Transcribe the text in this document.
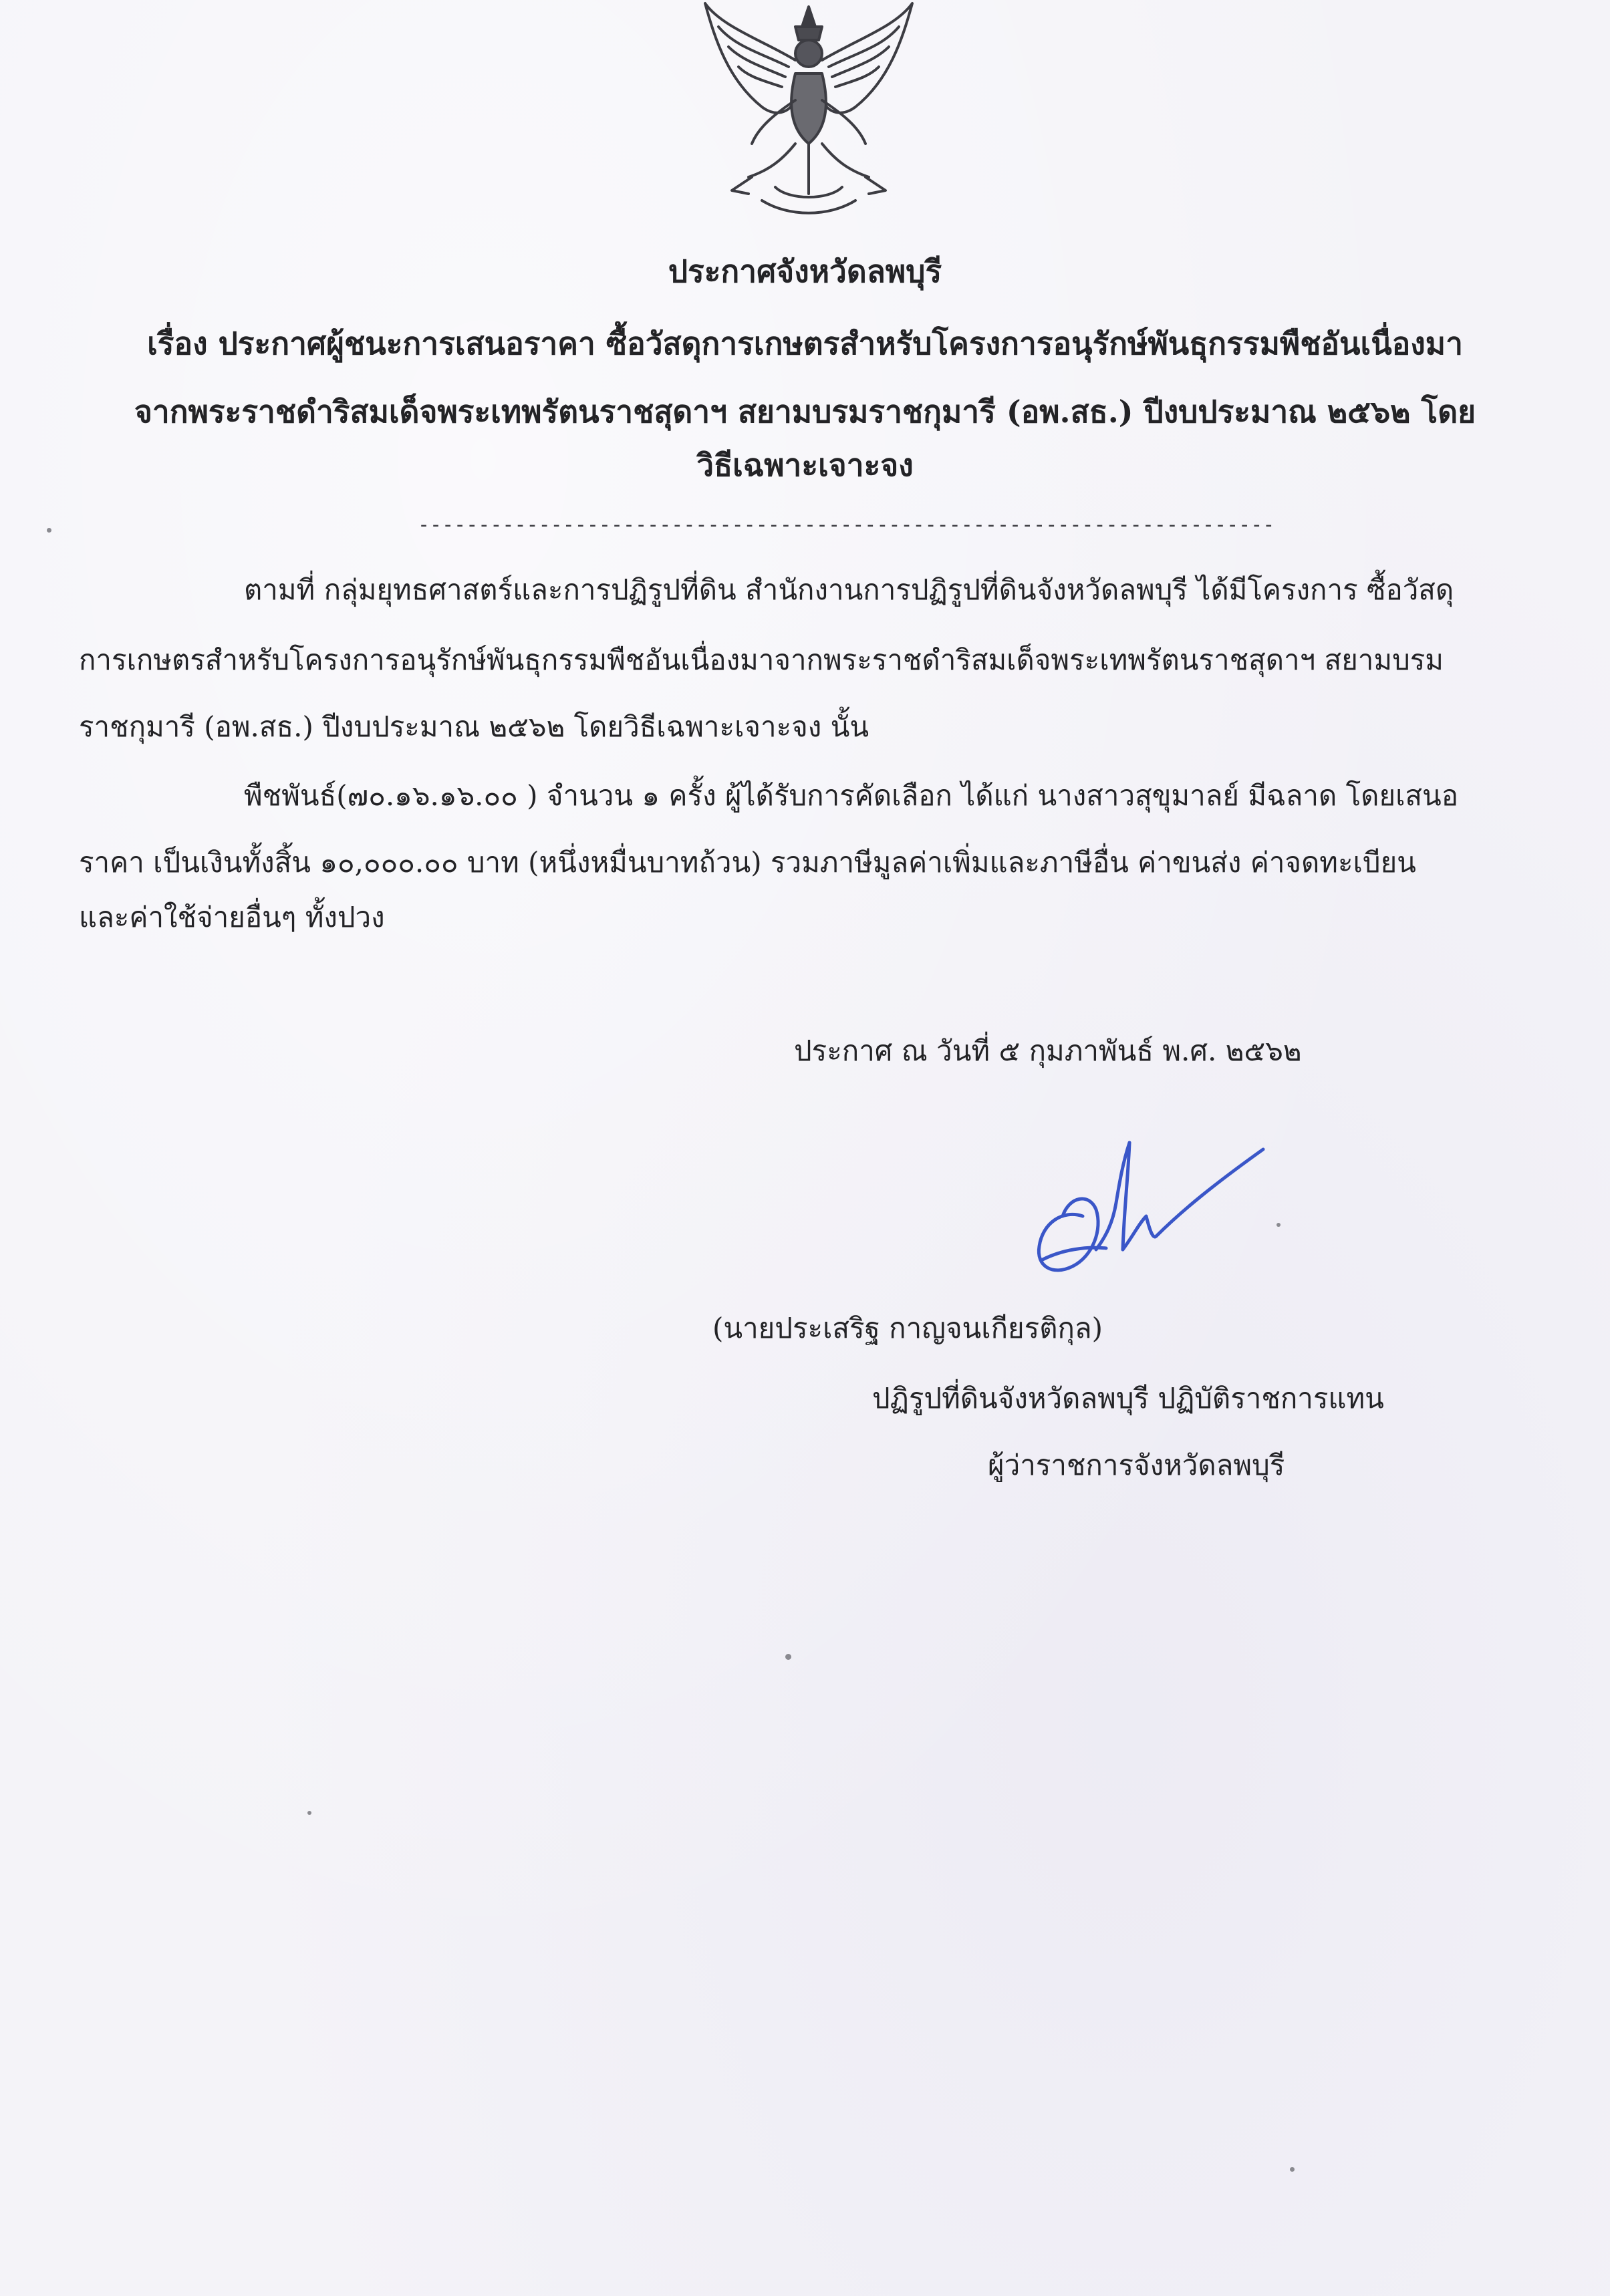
ประกาศจังหวัดลพบุรี
เรื่อง ประกาศผู้ชนะการเสนอราคา ซื้อวัสดุการเกษตรสำหรับโครงการอนุรักษ์พันธุกรรมพืชอันเนื่องมา
จากพระราชดำริสมเด็จพระเทพรัตนราชสุดาฯ สยามบรมราชกุมารี (อพ.สธ.) ปีงบประมาณ ๒๕๖๒ โดย
วิธีเฉพาะเจาะจง
-----------------------------------------------------------------------
ตามที่ กลุ่มยุทธศาสตร์และการปฏิรูปที่ดิน สำนักงานการปฏิรูปที่ดินจังหวัดลพบุรี ได้มีโครงการ ซื้อวัสดุ
การเกษตรสำหรับโครงการอนุรักษ์พันธุกรรมพืชอันเนื่องมาจากพระราชดำริสมเด็จพระเทพรัตนราชสุดาฯ สยามบรม
ราชกุมารี (อพ.สธ.) ปีงบประมาณ ๒๕๖๒ โดยวิธีเฉพาะเจาะจง นั้น
พืชพันธ์(๗๐.๑๖.๑๖.๐๐ ) จำนวน ๑ ครั้ง ผู้ได้รับการคัดเลือก ได้แก่ นางสาวสุขุมาลย์ มีฉลาด โดยเสนอ
ราคา เป็นเงินทั้งสิ้น ๑๐,๐๐๐.๐๐ บาท (หนึ่งหมื่นบาทถ้วน) รวมภาษีมูลค่าเพิ่มและภาษีอื่น ค่าขนส่ง ค่าจดทะเบียน
และค่าใช้จ่ายอื่นๆ ทั้งปวง
ประกาศ ณ วันที่ ๕ กุมภาพันธ์ พ.ศ. ๒๕๖๒
(นายประเสริฐ กาญจนเกียรติกุล)
ปฏิรูปที่ดินจังหวัดลพบุรี ปฏิบัติราชการแทน
ผู้ว่าราชการจังหวัดลพบุรี
